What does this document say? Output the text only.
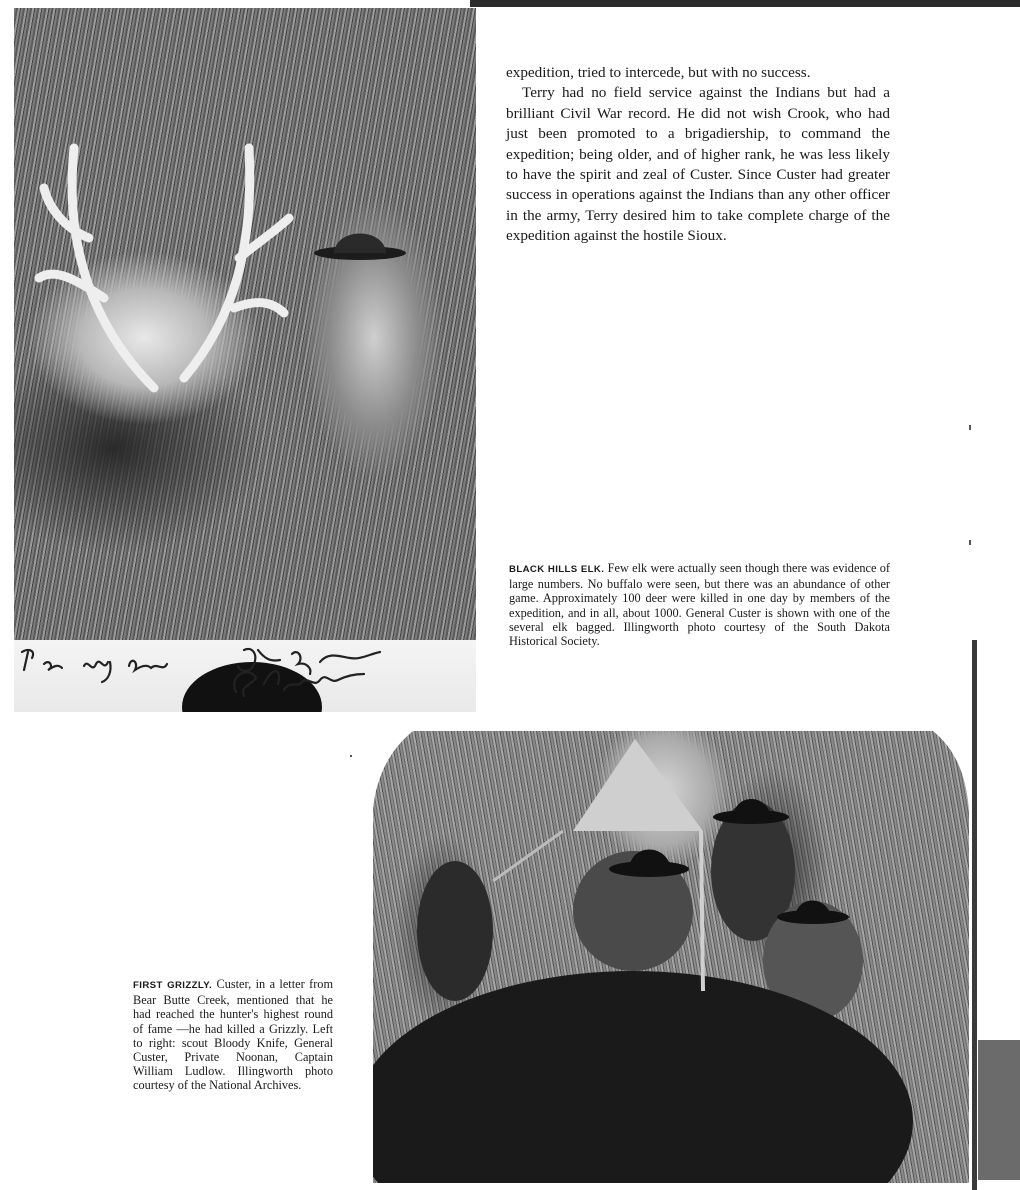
expedition, tried to intercede, but with no success.

Terry had no field service against the Indians but had a brilliant Civil War record. He did not wish Crook, who had just been promoted to a brigadiership, to command the expedition; being older, and of higher rank, he was less likely to have the spirit and zeal of Custer. Since Custer had greater success in operations against the Indians than any other officer in the army, Terry desired him to take complete charge of the expedition against the hostile Sioux.

BLACK HILLS ELK. Few elk were actually seen though there was evidence of large numbers. No buffalo were seen, but there was an abundance of other game. Approximately 100 deer were killed in one day by members of the expedition, and in all, about 1000. General Custer is shown with one of the several elk bagged. Illingworth photo courtesy of the South Dakota Historical Society.

FIRST GRIZZLY. Custer, in a letter from Bear Butte Creek, mentioned that he had reached the hunter's highest round of fame —he had killed a Grizzly. Left to right: scout Bloody Knife, General Custer, Private Noonan, Captain William Ludlow. Illingworth photo courtesy of the National Archives.
